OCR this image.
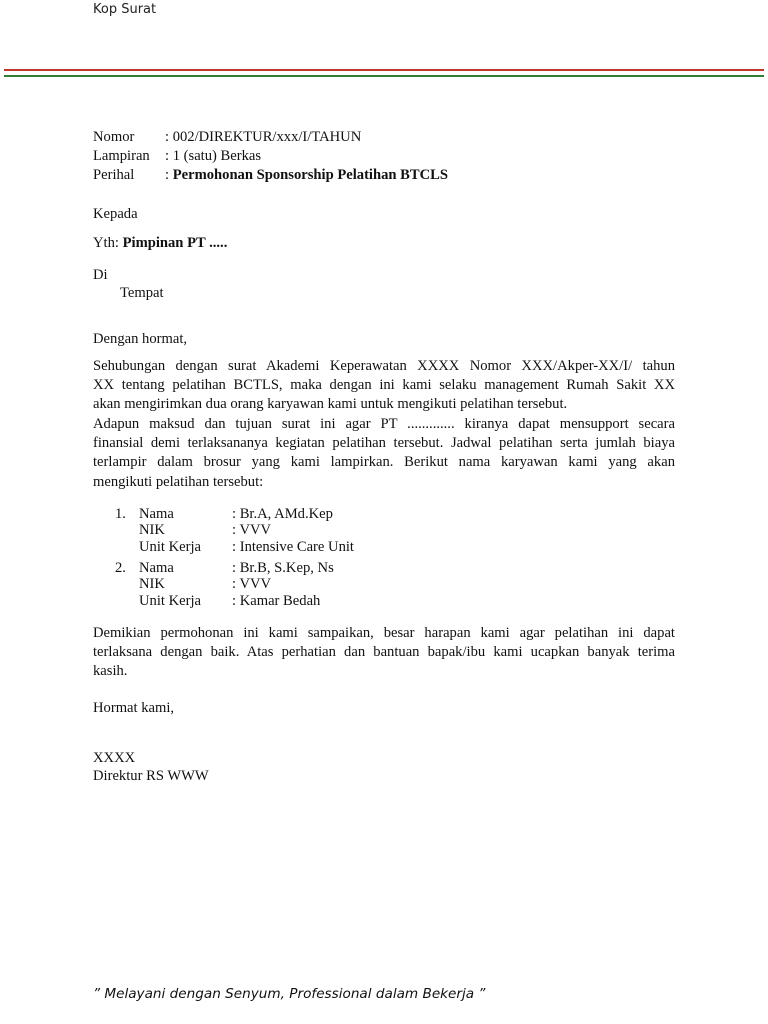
Kop Surat
Nomor : 002/DIREKTUR/xxx/I/TAHUN
Lampiran : 1 (satu) Berkas
Perihal : Permohonan Sponsorship Pelatihan BTCLS
Kepada
Yth: Pimpinan PT .....
Di
Tempat
Dengan hormat,
Sehubungan dengan surat Akademi Keperawatan XXXX Nomor XXX/Akper-XX/I/ tahun
XX tentang pelatihan BCTLS, maka dengan ini kami selaku management Rumah Sakit XX
akan mengirimkan dua orang karyawan kami untuk mengikuti pelatihan tersebut.
Adapun maksud dan tujuan surat ini agar PT ............. kiranya dapat mensupport secara
finansial demi terlaksananya kegiatan pelatihan tersebut. Jadwal pelatihan serta jumlah biaya
terlampir dalam brosur yang kami lampirkan. Berikut nama karyawan kami yang akan
mengikuti pelatihan tersebut:
1. Nama	: Br.A, AMd.Kep
NIK	: VVV
Unit Kerja : Intensive Care Unit
2. Nama	: Br.B, S.Kep, Ns
NIK	: VVV
Unit Kerja : Kamar Bedah
Demikian permohonan ini kami sampaikan, besar harapan kami agar pelatihan ini dapat
terlaksana dengan baik. Atas perhatian dan bantuan bapak/ibu kami ucapkan banyak terima
kasih.
Hormat kami,
XXXX
Direktur RS WWW
” Melayani dengan Senyum, Professional dalam Bekerja ”
